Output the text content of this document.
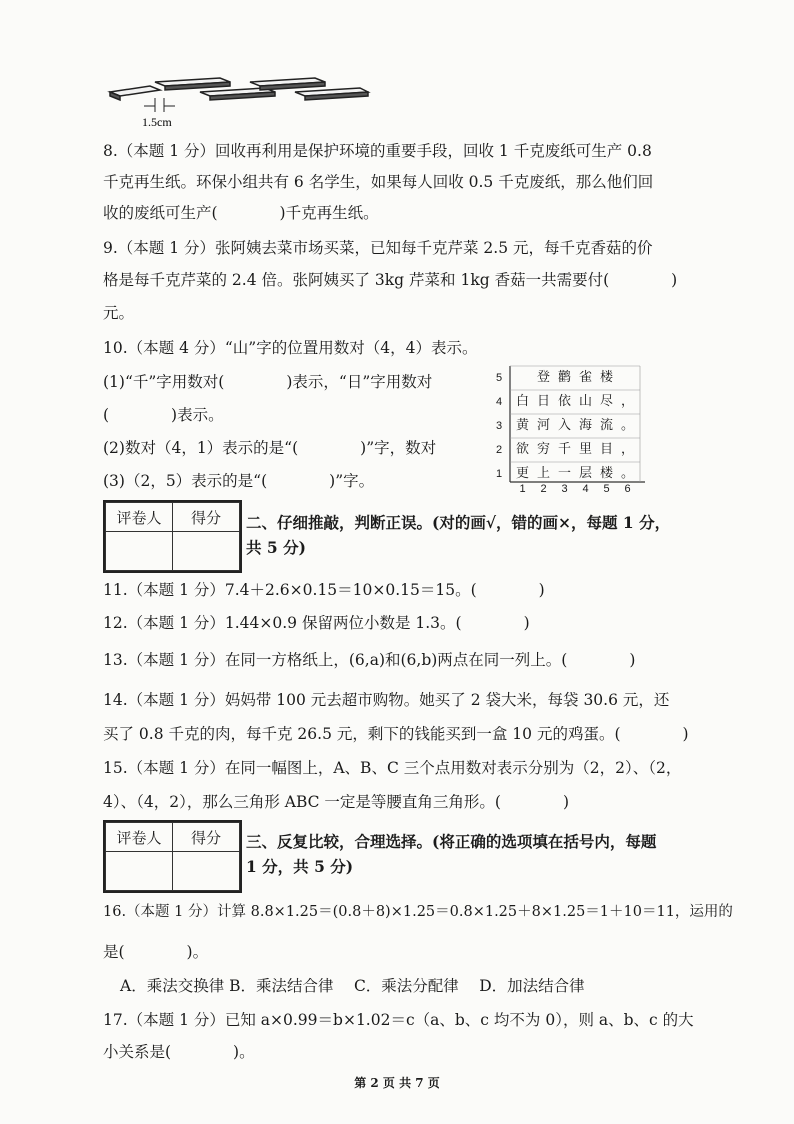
1.5cm
8.（本题 1 分）回收再利用是保护环境的重要手段，回收 1 千克废纸可生产 0.8
千克再生纸。环保小组共有 6 名学生，如果每人回收 0.5 千克废纸，那么他们回
收的废纸可生产(　　　　)千克再生纸。
9.（本题 1 分）张阿姨去菜市场买菜，已知每千克芹菜 2.5 元，每千克香菇的价
格是每千克芹菜的 2.4 倍。张阿姨买了 3kg 芹菜和 1kg 香菇一共需要付(　　　　)
元。
10.（本题 4 分）“山”字的位置用数对（4，4）表示。
(1)“千”字用数对(　　　　)表示，“日”字用数对
(　　　　)表示。
(2)数对（4，1）表示的是“(　　　　)”字，数对
(3)（2，5）表示的是“(　　　　)”字。
5	登 鹳 雀 楼
4	白 日 依 山 尽 ，
3	黄 河 入 海 流 。
2	欲 穷 千 里 目 ，
1	更 上 一 层 楼 。
1	2	3	4	5	6
评卷人	得分
	二、仔细推敲，判断正误。(对的画√，错的画×，每题 1 分，
共 5 分)
11.（本题 1 分）7.4＋2.6×0.15＝10×0.15＝15。(　　　　)
12.（本题 1 分）1.44×0.9 保留两位小数是 1.3。(　　　　)
13.（本题 1 分）在同一方格纸上，(6,a)和(6,b)两点在同一列上。(　　　　)
14.（本题 1 分）妈妈带 100 元去超市购物。她买了 2 袋大米，每袋 30.6 元，还
买了 0.8 千克的肉，每千克 26.5 元，剩下的钱能买到一盒 10 元的鸡蛋。(　　　　)
15.（本题 1 分）在同一幅图上，A、B、C 三个点用数对表示分别为（2，2）、（2，
4）、（4，2），那么三角形 ABC 一定是等腰直角三角形。(　　　　)
评卷人	得分
	三、反复比较，合理选择。(将正确的选项填在括号内，每题
1 分，共 5 分)
16.（本题 1 分）计算 8.8×1.25＝(0.8＋8)×1.25＝0.8×1.25＋8×1.25＝1＋10＝11，运用的
是(　　　　)。
A．乘法交换律 B．乘法结合律　 C．乘法分配律　 D．加法结合律
17.（本题 1 分）已知 a×0.99＝b×1.02＝c（a、b、c 均不为 0），则 a、b、c 的大
小关系是(　　　　)。
第 2 页 共 7 页
